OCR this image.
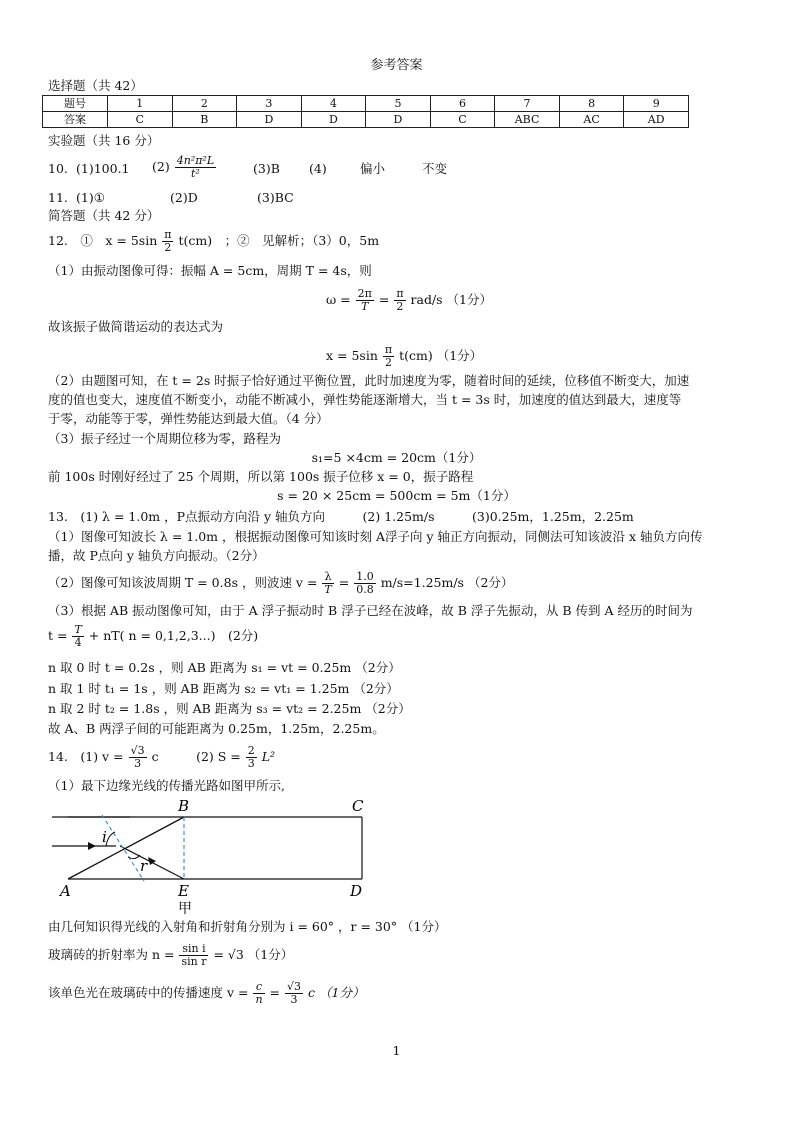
参考答案
选择题（共 42）
题号	1	2	3	4	5	6	7	8	9
答案	C	B	D	D	D	C	ABC	AC	AD
实验题（共 16 分）
10. (1)100.1 $(2) \frac{\text{4n²π²L}}{\text{t²}}$	(3)B (4)	偏小	不变
11. (1)①	(2)D	(3)BC
简答题（共 42 分）
12.　①　$x = 5\sin \frac{\pi}{2} t(cm)$　；②　见解析；（3）0，5m
（1）由振动图像可得：振幅 A = 5cm，周期 T = 4s，则
$\omega = \frac{2\pi}{T} = \frac{\pi}{2} rad/s$ （1分）
故该振子做简谐运动的表达式为
$x = 5\sin \frac{\pi}{2} t(cm)$ （1分）
（2）由题图可知，在 t = 2s 时振子恰好通过平衡位置，此时加速度为零，随着时间的延续，位移值不断变大，加速
度的值也变大，速度值不断变小，动能不断减小，弹性势能逐渐增大，当 t = 3s 时，加速度的值达到最大，速度等
于零，动能等于零，弹性势能达到最大值。（4 分）
（3）振子经过一个周期位移为零，路程为
s₁=5 ×4cm = 20cm（1分）
前 100s 时刚好经过了 25 个周期，所以第 100s 振子位移 x = 0，振子路程
s = 20 × 25cm = 500cm = 5m（1分）
13.　(1) λ = 1.0m ，P点振动方向沿 y 轴负方向　　　(2) 1.25m/s　　　(3)0.25m，1.25m，2.25m
（1）图像可知波长 λ = 1.0m ，根据振动图像可知该时刻 A浮子向 y 轴正方向振动，同侧法可知该波沿 x 轴负方向传
播，故 P点向 y 轴负方向振动。（2分）
（2）图像可知该波周期 T = 0.8s ，则波速 $v = \frac{\lambda}{T} = \frac{1.0}{0.8} m/s=1.25m/s$ （2分）
（3）根据 AB 振动图像可知，由于 A 浮子振动时 B 浮子已经在波峰，故 B 浮子先振动，从 B 传到 A 经历的时间为
$t = \frac{T}{4} + nT$( n = 0,1,2,3...)　(2分)
n 取 0 时 t = 0.2s ，则 AB 距离为 s₁ = vt = 0.25m （2分）
n 取 1 时 t₁ = 1s ，则 AB 距离为 s₂ = vt₁ = 1.25m （2分）
n 取 2 时 t₂ = 1.8s ，则 AB 距离为 s₃ = vt₂ = 2.25m （2分）
故 A、B 两浮子间的可能距离为 0.25m，1.25m，2.25m。
14.　(1) $v = \frac{√3}{3}$ c　　　(2) $S = \frac{2}{3} L^2$
（1）最下边缘光线的传播光路如图甲所示,
i
r
B	C
A	E	D
甲
由几何知识得光线的入射角和折射角分别为 i = 60° ，r = 30° （1分）
玻璃砖的折射率为 $n = \frac{\text{sin i}}{\text{sin r}} = √3$ （1分）
该单色光在玻璃砖中的传播速度 $v = \frac{c}{n} = \frac{√3}{3}$ c （1分）
1
